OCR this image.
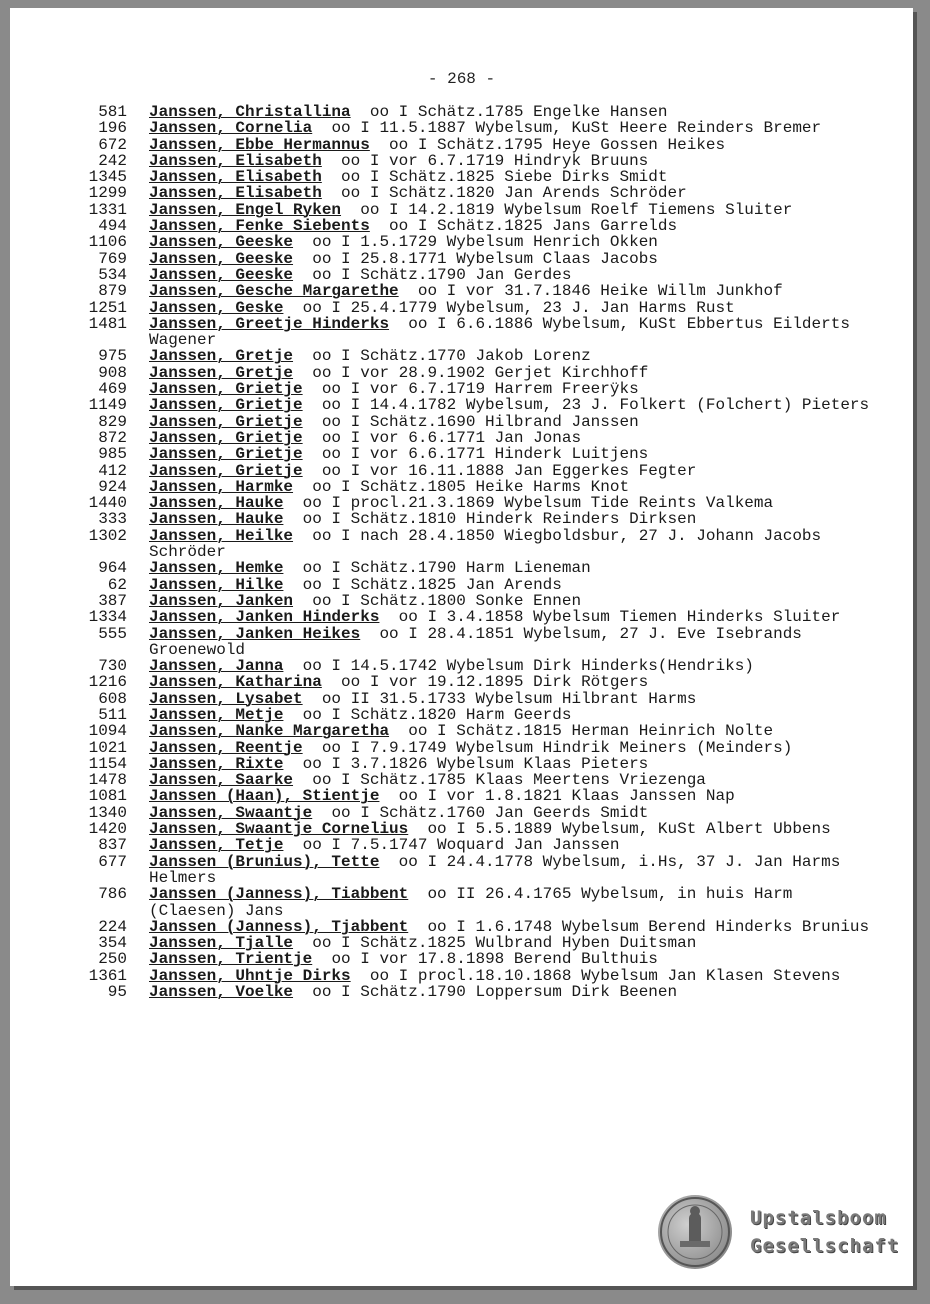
- 268 -

581 Janssen, Christallina oo I Schätz.1785 Engelke Hansen

196 Janssen, Cornelia oo I 11.5.1887 Wybelsum, KuSt Heere Reinders Bremer

672 Janssen, Ebbe Hermannus oo I Schätz.1795 Heye Gossen Heikes

242 Janssen, Elisabeth oo I vor 6.7.1719 Hindryk Bruuns

1345 Janssen, Elisabeth oo I Schätz.1825 Siebe Dirks Smidt

1299 Janssen, Elisabeth oo I Schätz.1820 Jan Arends Schröder

1331 Janssen, Engel Ryken oo I 14.2.1819 Wybelsum Roelf Tiemens Sluiter

494 Janssen, Fenke Siebents oo I Schätz.1825 Jans Garrelds

1106 Janssen, Geeske oo I 1.5.1729 Wybelsum Henrich Okken

769 Janssen, Geeske oo I 25.8.1771 Wybelsum Claas Jacobs

534 Janssen, Geeske oo I Schätz.1790 Jan Gerdes

879 Janssen, Gesche Margarethe oo I vor 31.7.1846 Heike Willm Junkhof

1251 Janssen, Geske oo I 25.4.1779 Wybelsum, 23 J. Jan Harms Rust

1481 Janssen, Greetje Hinderks oo I 6.6.1886 Wybelsum, KuSt Ebbertus Eilderts Wagener

975 Janssen, Gretje oo I Schätz.1770 Jakob Lorenz

908 Janssen, Gretje oo I vor 28.9.1902 Gerjet Kirchhoff

469 Janssen, Grietje oo I vor 6.7.1719 Harrem Freerÿks

1149 Janssen, Grietje oo I 14.4.1782 Wybelsum, 23 J. Folkert (Folchert) Pieters

829 Janssen, Grietje oo I Schätz.1690 Hilbrand Janssen

872 Janssen, Grietje oo I vor 6.6.1771 Jan Jonas

985 Janssen, Grietje oo I vor 6.6.1771 Hinderk Luitjens

412 Janssen, Grietje oo I vor 16.11.1888 Jan Eggerkes Fegter

924 Janssen, Harmke oo I Schätz.1805 Heike Harms Knot

1440 Janssen, Hauke oo I procl.21.3.1869 Wybelsum Tide Reints Valkema

333 Janssen, Hauke oo I Schätz.1810 Hinderk Reinders Dirksen

1302 Janssen, Heilke oo I nach 28.4.1850 Wiegboldsbur, 27 J. Johann Jacobs Schröder

964 Janssen, Hemke oo I Schätz.1790 Harm Lieneman

62 Janssen, Hilke oo I Schätz.1825 Jan Arends

387 Janssen, Janken oo I Schätz.1800 Sonke Ennen

1334 Janssen, Janken Hinderks oo I 3.4.1858 Wybelsum Tiemen Hinderks Sluiter

555 Janssen, Janken Heikes oo I 28.4.1851 Wybelsum, 27 J. Eve Isebrands Groenewold

730 Janssen, Janna oo I 14.5.1742 Wybelsum Dirk Hinderks(Hendriks)

1216 Janssen, Katharina oo I vor 19.12.1895 Dirk Rötgers

608 Janssen, Lysabet oo II 31.5.1733 Wybelsum Hilbrant Harms

511 Janssen, Metje oo I Schätz.1820 Harm Geerds

1094 Janssen, Nanke Margaretha oo I Schätz.1815 Herman Heinrich Nolte

1021 Janssen, Reentje oo I 7.9.1749 Wybelsum Hindrik Meiners (Meinders)

1154 Janssen, Rixte oo I 3.7.1826 Wybelsum Klaas Pieters

1478 Janssen, Saarke oo I Schätz.1785 Klaas Meertens Vriezenga

1081 Janssen (Haan), Stientje oo I vor 1.8.1821 Klaas Janssen Nap

1340 Janssen, Swaantje oo I Schätz.1760 Jan Geerds Smidt

1420 Janssen, Swaantje Cornelius oo I 5.5.1889 Wybelsum, KuSt Albert Ubbens

837 Janssen, Tetje oo I 7.5.1747 Woquard Jan Janssen

677 Janssen (Brunius), Tette oo I 24.4.1778 Wybelsum, i.Hs, 37 J. Jan Harms Helmers

786 Janssen (Janness), Tiabbent oo II 26.4.1765 Wybelsum, in huis Harm (Claesen) Jans

224 Janssen (Janness), Tjabbent oo I 1.6.1748 Wybelsum Berend Hinderks Brunius

354 Janssen, Tjalle oo I Schätz.1825 Wulbrand Hyben Duitsman

250 Janssen, Trientje oo I vor 17.8.1898 Berend Bulthuis

1361 Janssen, Uhntje Dirks oo I procl.18.10.1868 Wybelsum Jan Klasen Stevens

95 Janssen, Voelke oo I Schätz.1790 Loppersum Dirk Beenen

Upstalsboom
Gesellschaft
